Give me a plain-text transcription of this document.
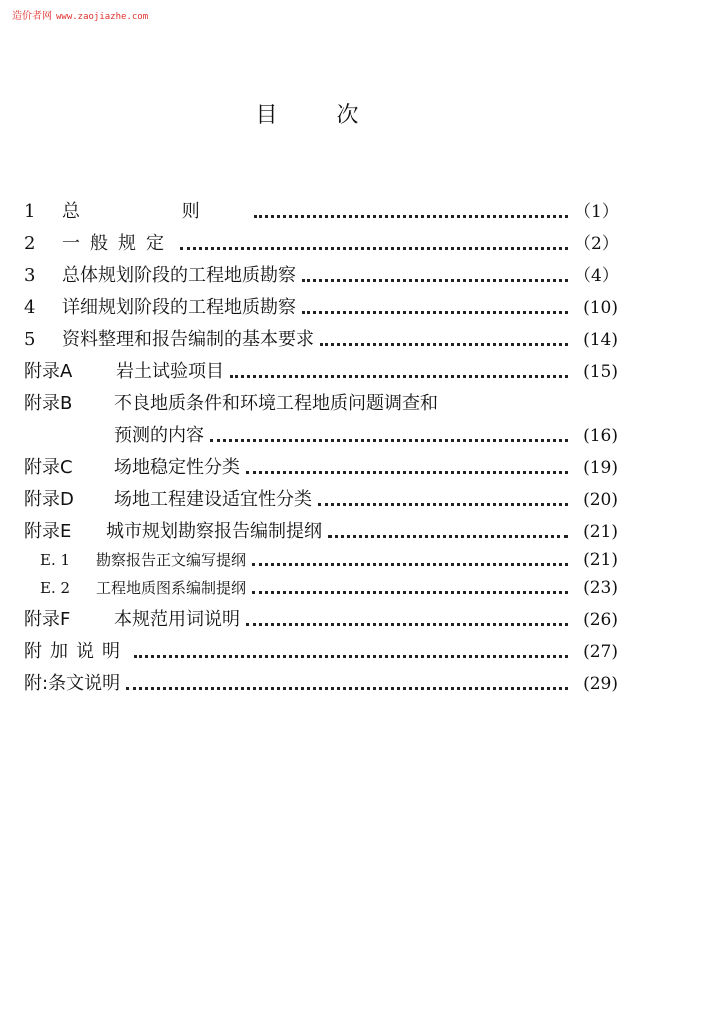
造价者网 www.zaojiazhe.com
目 次
1	总 则	（1）
2	一般规定	（2）
3	总体规划阶段的工程地质勘察	（4）
4	详细规划阶段的工程地质勘察	(10)
5	资料整理和报告编制的基本要求	(14)
附录A	岩土试验项目	(15)
附录B	不良地质条件和环境工程地质问题调查和
预测的内容	(16)
附录C	场地稳定性分类	(19)
附录D	场地工程建设适宜性分类	(20)
附录E	城市规划勘察报告编制提纲	(21)
E. 1	勘察报告正文编写提纲	(21)
E. 2	工程地质图系编制提纲	(23)
附录F	本规范用词说明	(26)
附加说明	(27)
附:条文说明	(29)
